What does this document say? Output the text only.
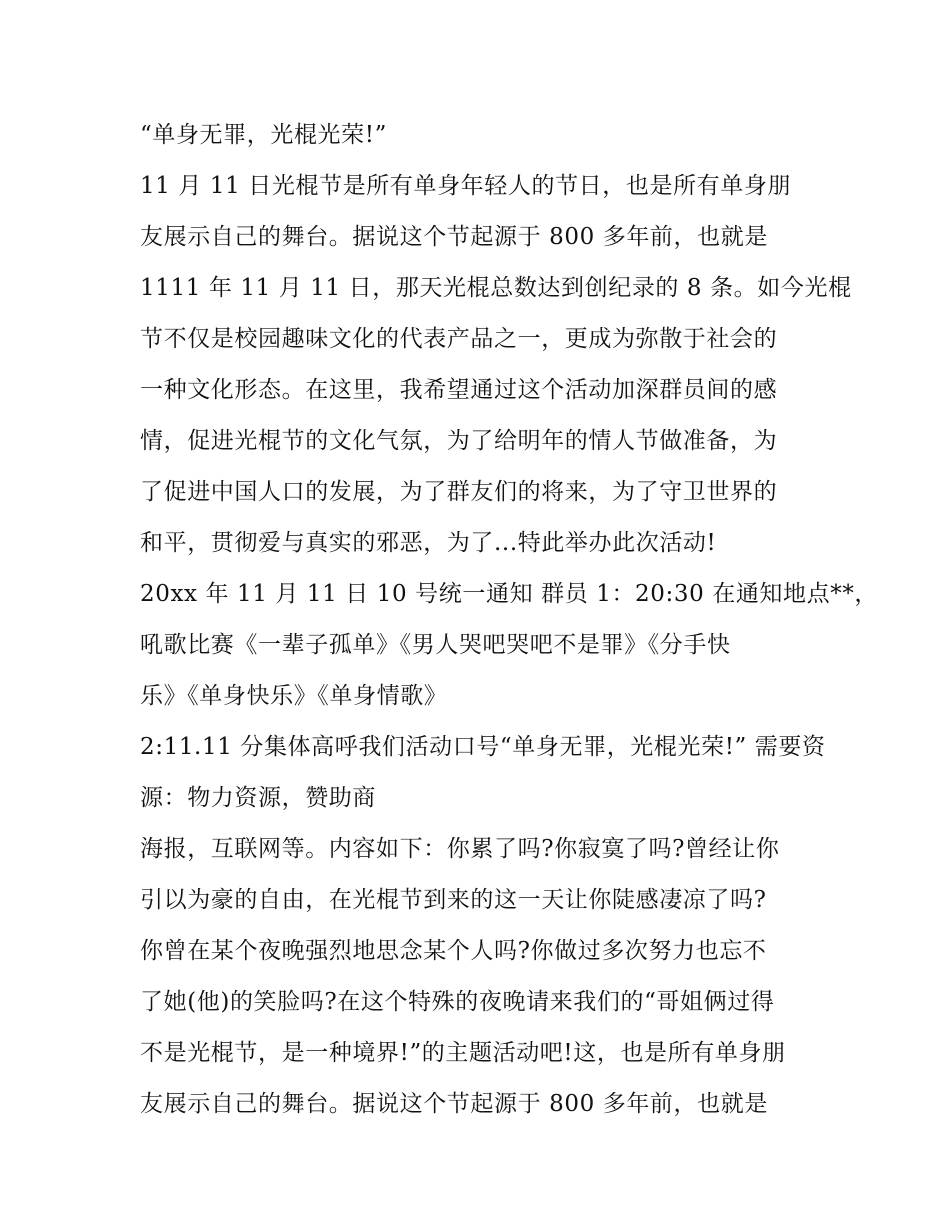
“单身无罪，光棍光荣!”
11 月 11 日光棍节是所有单身年轻人的节日，也是所有单身朋
友展示自己的舞台。据说这个节起源于 800 多年前，也就是
1111 年 11 月 11 日，那天光棍总数达到创纪录的 8 条。如今光棍
节不仅是校园趣味文化的代表产品之一，更成为弥散于社会的
一种文化形态。在这里，我希望通过这个活动加深群员间的感
情，促进光棍节的文化气氛，为了给明年的情人节做准备，为
了促进中国人口的发展，为了群友们的将来，为了守卫世界的
和平，贯彻爱与真实的邪恶，为了...特此举办此次活动!
20xx 年 11 月 11 日 10 号统一通知 群员 1：20:30 在通知地点**，
吼歌比赛《一辈子孤单》《男人哭吧哭吧不是罪》《分手快
乐》《单身快乐》《单身情歌》
2:11.11 分集体高呼我们活动口号“单身无罪，光棍光荣!” 需要资
源：物力资源，赞助商
海报，互联网等。内容如下：你累了吗?你寂寞了吗?曾经让你
引以为豪的自由，在光棍节到来的这一天让你陡感凄凉了吗?
你曾在某个夜晚强烈地思念某个人吗?你做过多次努力也忘不
了她(他)的笑脸吗?在这个特殊的夜晚请来我们的“哥姐俩过得
不是光棍节，是一种境界!”的主题活动吧!这，也是所有单身朋
友展示自己的舞台。据说这个节起源于 800 多年前，也就是
